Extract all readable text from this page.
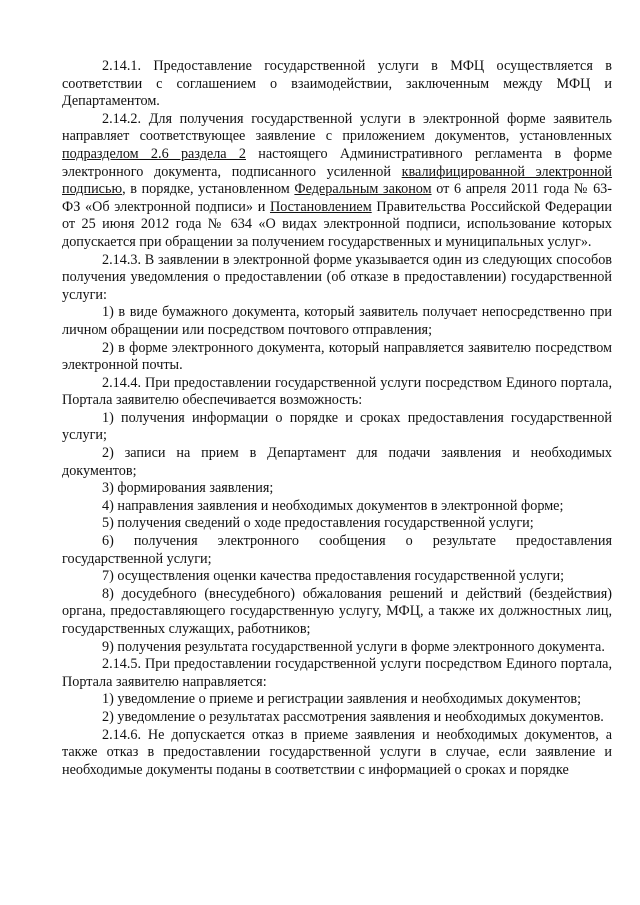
2.14.1. Предоставление государственной услуги в МФЦ осуществляется в соответствии с соглашением о взаимодействии, заключенным между МФЦ и Департаментом.

2.14.2. Для получения государственной услуги в электронной форме заявитель направляет соответствующее заявление с приложением документов, установленных подразделом 2.6 раздела 2 настоящего Административного регламента в форме электронного документа, подписанного усиленной квалифицированной электронной подписью, в порядке, установленном Федеральным законом от 6 апреля 2011 года № 63-ФЗ «Об электронной подписи» и Постановлением Правительства Российской Федерации от 25 июня 2012 года № 634 «О видах электронной подписи, использование которых допускается при обращении за получением государственных и муниципальных услуг».

2.14.3. В заявлении в электронной форме указывается один из следующих способов получения уведомления о предоставлении (об отказе в предоставлении) государственной услуги:

1) в виде бумажного документа, который заявитель получает непосредственно при личном обращении или посредством почтового отправления;

2) в форме электронного документа, который направляется заявителю посредством электронной почты.

2.14.4. При предоставлении государственной услуги посредством Единого портала, Портала заявителю обеспечивается возможность:

1) получения информации о порядке и сроках предоставления государственной услуги;

2) записи на прием в Департамент для подачи заявления и необходимых документов;

3) формирования заявления;

4) направления заявления и необходимых документов в электронной форме;

5) получения сведений о ходе предоставления государственной услуги;

6) получения электронного сообщения о результате предоставления государственной услуги;

7) осуществления оценки качества предоставления государственной услуги;

8) досудебного (внесудебного) обжалования решений и действий (бездействия) органа, предоставляющего государственную услугу, МФЦ, а также их должностных лиц, государственных служащих, работников;

9) получения результата государственной услуги в форме электронного документа.

2.14.5. При предоставлении государственной услуги посредством Единого портала, Портала заявителю направляется:

1) уведомление о приеме и регистрации заявления и необходимых документов;

2) уведомление о результатах рассмотрения заявления и необходимых документов.

2.14.6. Не допускается отказ в приеме заявления и необходимых документов, а также отказ в предоставлении государственной услуги в случае, если заявление и необходимые документы поданы в соответствии с информацией о сроках и порядке
